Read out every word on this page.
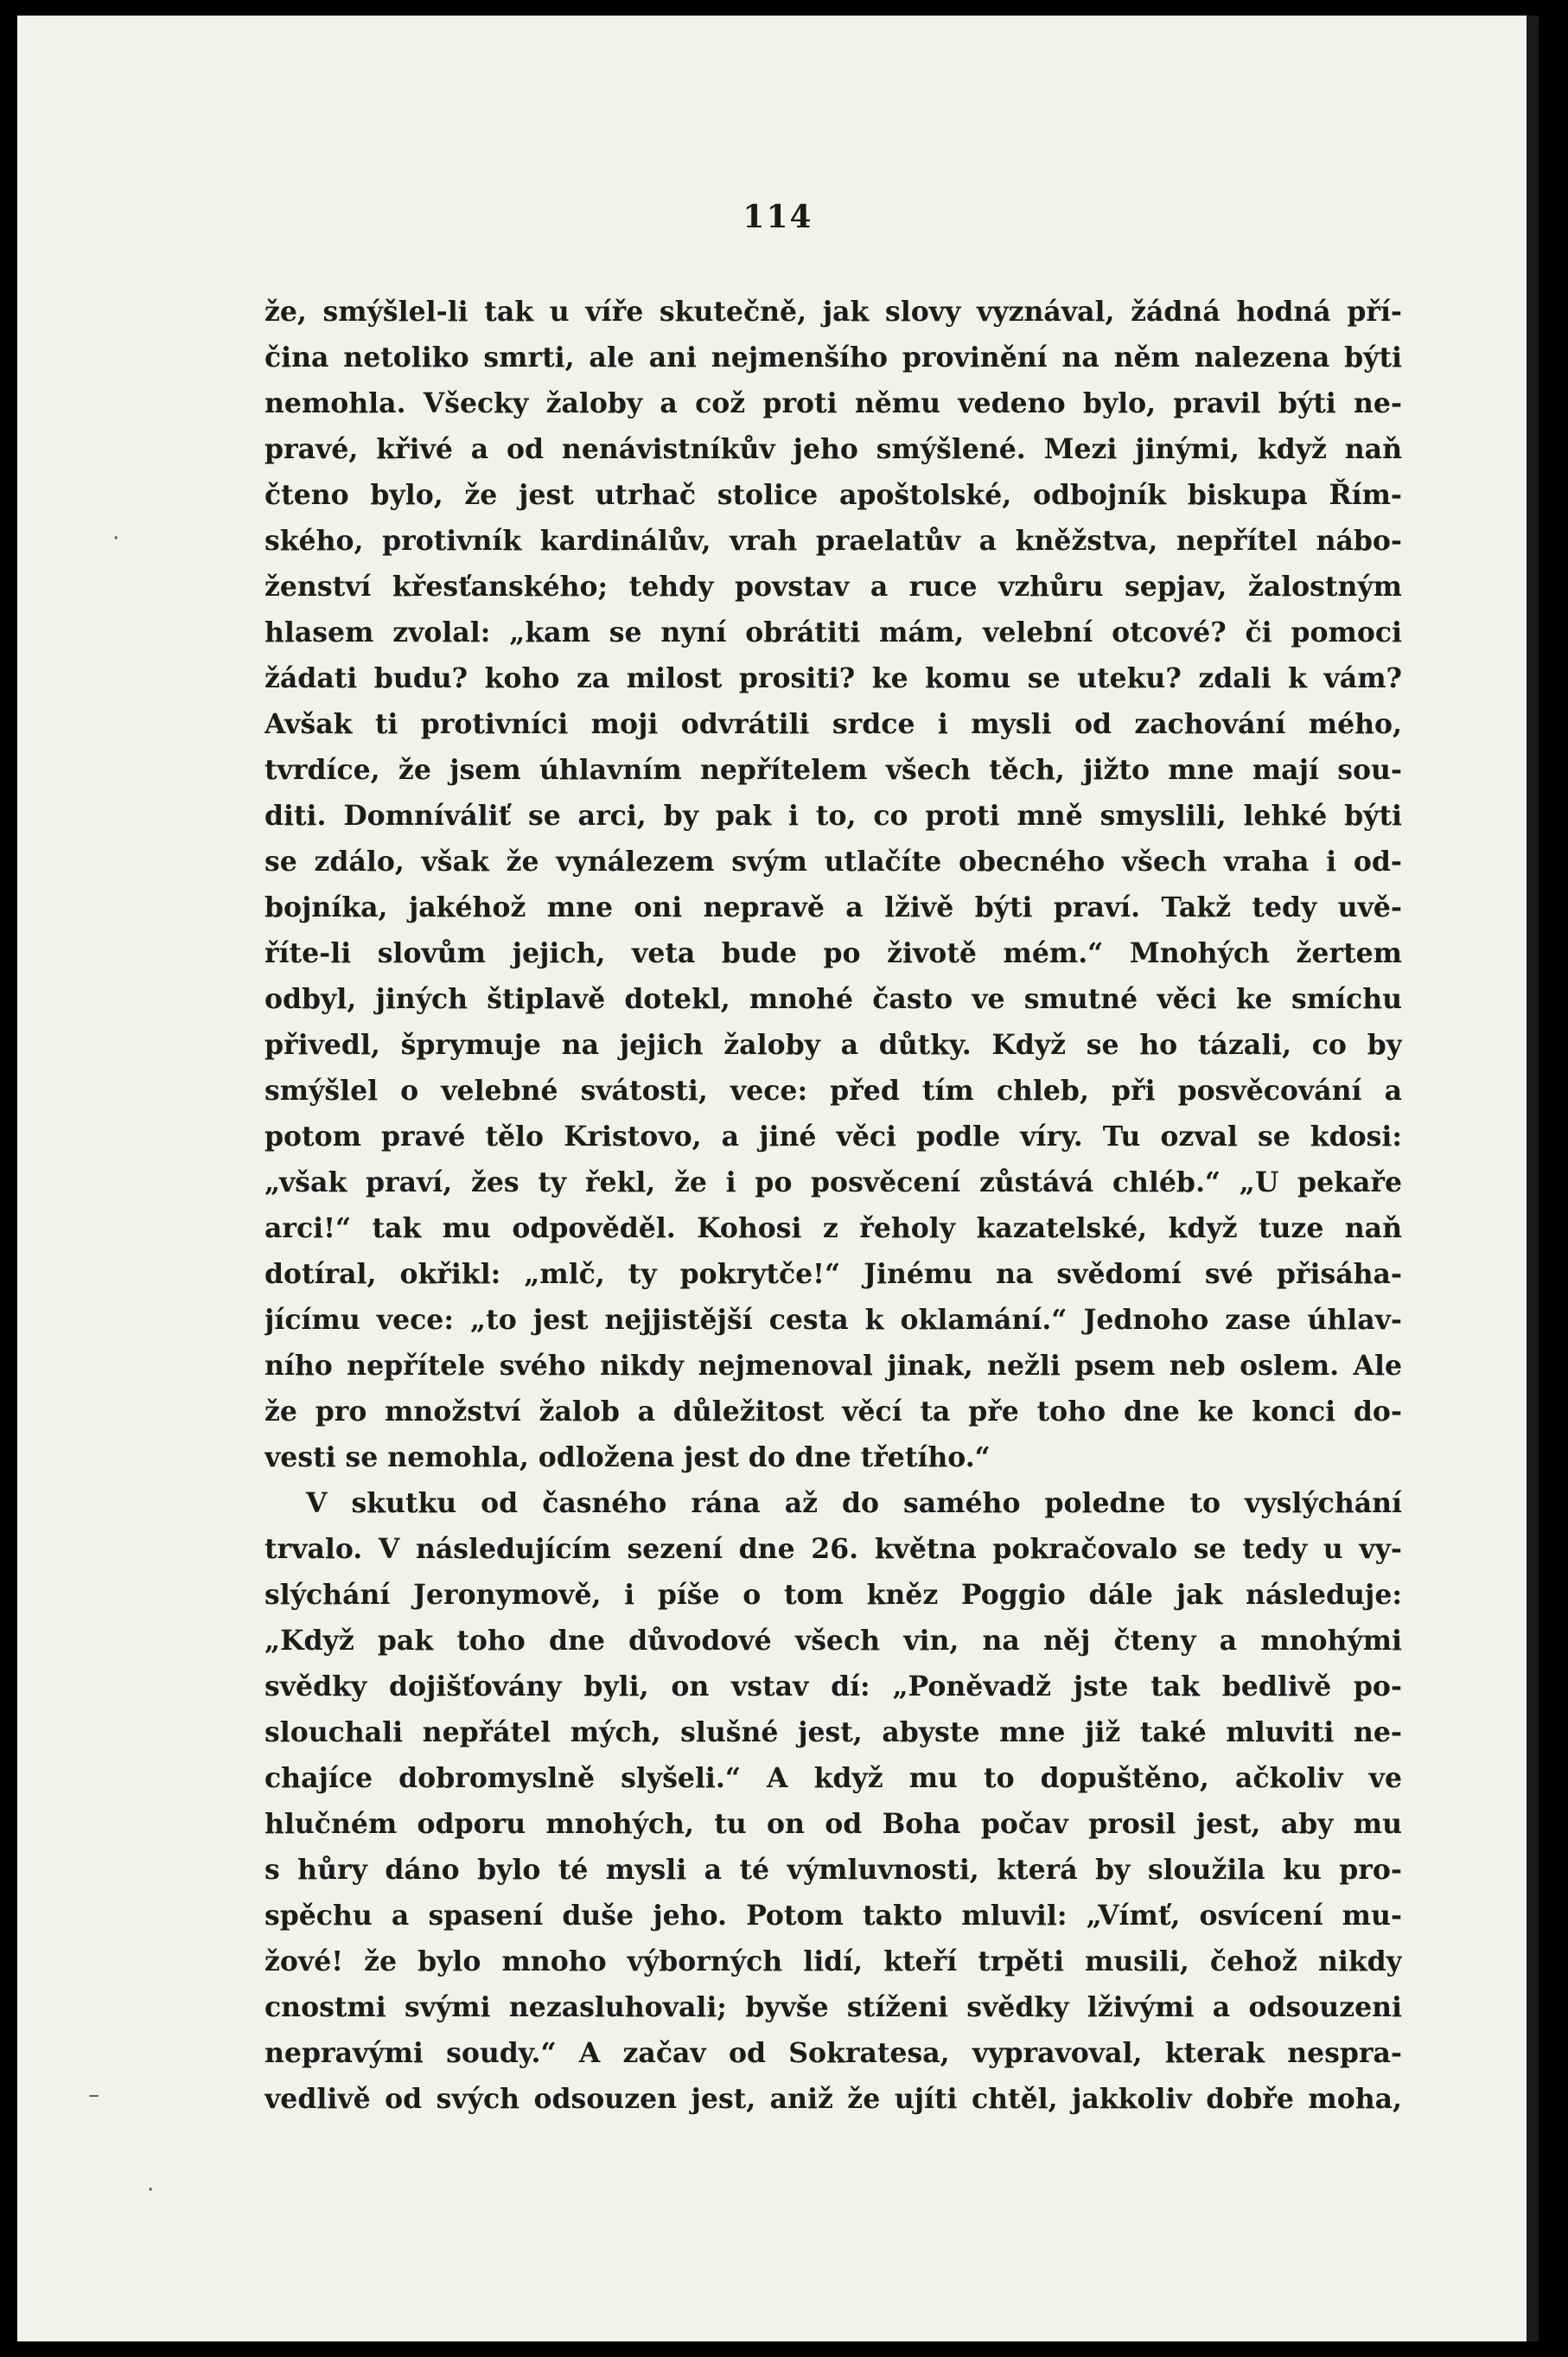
114
že, smýšlel-li tak u víře skutečně, jak slovy vyznával, žádná hodná pří-
čina netoliko smrti, ale ani nejmenšího provinění na něm nalezena býti
nemohla. Všecky žaloby a což proti němu vedeno bylo, pravil býti ne-
pravé, křivé a od nenávistníkův jeho smýšlené. Mezi jinými, když naň
čteno bylo, že jest utrhač stolice apoštolské, odbojník biskupa Řím-
ského, protivník kardinálův, vrah praelatův a kněžstva, nepřítel nábo-
ženství křesťanského; tehdy povstav a ruce vzhůru sepjav, žalostným
hlasem zvolal: „kam se nyní obrátiti mám, velební otcové? či pomoci
žádati budu? koho za milost prositi? ke komu se uteku? zdali k vám?
Avšak ti protivníci moji odvrátili srdce i mysli od zachování mého,
tvrdíce, že jsem úhlavním nepřítelem všech těch, jižto mne mají sou-
diti. Domníváliť se arci, by pak i to, co proti mně smyslili, lehké býti
se zdálo, však že vynálezem svým utlačíte obecného všech vraha i od-
bojníka, jakéhož mne oni nepravě a lživě býti praví. Takž tedy uvě-
říte-li slovům jejich, veta bude po životě mém.“ Mnohých žertem
odbyl, jiných štiplavě dotekl, mnohé často ve smutné věci ke smíchu
přivedl, šprymuje na jejich žaloby a důtky. Když se ho tázali, co by
smýšlel o velebné svátosti, vece: před tím chleb, při posvěcování a
potom pravé tělo Kristovo, a jiné věci podle víry. Tu ozval se kdosi:
„však praví, žes ty řekl, že i po posvěcení zůstává chléb.“ „U pekaře
arci!“ tak mu odpověděl. Kohosi z řeholy kazatelské, když tuze naň
dotíral, okřikl: „mlč, ty pokrytče!“ Jinému na svědomí své přisáha-
jícímu vece: „to jest nejjistější cesta k oklamání.“ Jednoho zase úhlav-
ního nepřítele svého nikdy nejmenoval jinak, nežli psem neb oslem. Ale
že pro množství žalob a důležitost věcí ta pře toho dne ke konci do-
vesti se nemohla, odložena jest do dne třetího.“
V skutku od časného rána až do samého poledne to vyslýchání
trvalo. V následujícím sezení dne 26. května pokračovalo se tedy u vy-
slýchání Jeronymově, i píše o tom kněz Poggio dále jak následuje:
„Když pak toho dne důvodové všech vin, na něj čteny a mnohými
svědky dojišťovány byli, on vstav dí: „Poněvadž jste tak bedlivě po-
slouchali nepřátel mých, slušné jest, abyste mne již také mluviti ne-
chajíce dobromyslně slyšeli.“ A když mu to dopuštěno, ačkoliv ve
hlučném odporu mnohých, tu on od Boha počav prosil jest, aby mu
s hůry dáno bylo té mysli a té výmluvnosti, která by sloužila ku pro-
spěchu a spasení duše jeho. Potom takto mluvil: „Vímť, osvícení mu-
žové! že bylo mnoho výborných lidí, kteří trpěti musili, čehož nikdy
cnostmi svými nezasluhovali; byvše stíženi svědky lživými a odsouzeni
nepravými soudy.“ A začav od Sokratesa, vypravoval, kterak nespra-
vedlivě od svých odsouzen jest, aniž že ujíti chtěl, jakkoliv dobře moha,
·
–
·
